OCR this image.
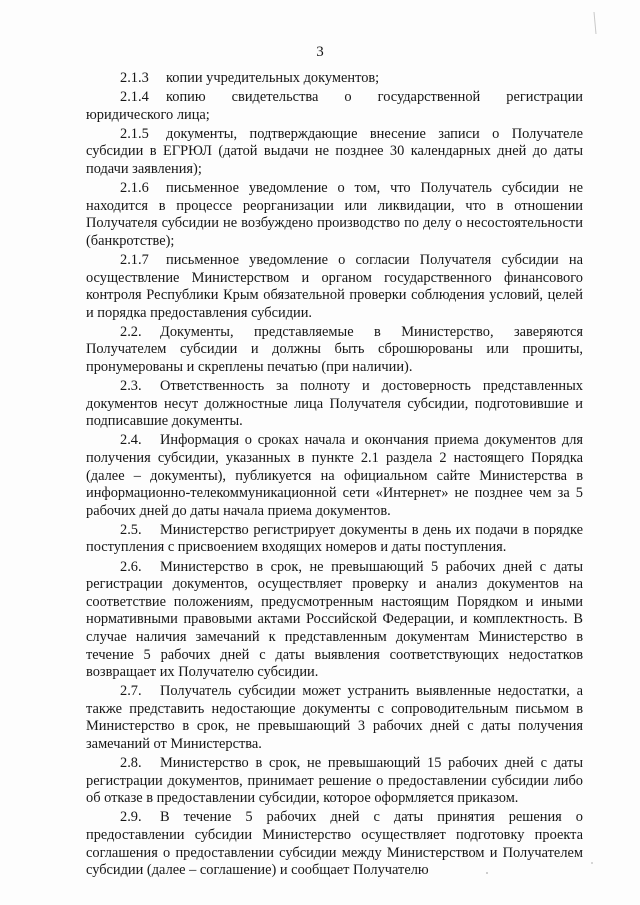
3

2.1.3 копии учредительных документов;

2.1.4 копию свидетельства о государственной регистрации юридического лица;

2.1.5 документы, подтверждающие внесение записи о Получателе субсидии в ЕГРЮЛ (датой выдачи не позднее 30 календарных дней до даты подачи заявления);

2.1.6 письменное уведомление о том, что Получатель субсидии не находится в процессе реорганизации или ликвидации, что в отношении Получателя субсидии не возбуждено производство по делу о несостоятельности (банкротстве);

2.1.7 письменное уведомление о согласии Получателя субсидии на осуществление Министерством и органом государственного финансового контроля Республики Крым обязательной проверки соблюдения условий, целей и порядка предоставления субсидии.

2.2. Документы, представляемые в Министерство, заверяются Получателем субсидии и должны быть сброшюрованы или прошиты, пронумерованы и скреплены печатью (при наличии).

2.3. Ответственность за полноту и достоверность представленных документов несут должностные лица Получателя субсидии, подготовившие и подписавшие документы.

2.4. Информация о сроках начала и окончания приема документов для получения субсидии, указанных в пункте 2.1 раздела 2 настоящего Порядка (далее – документы), публикуется на официальном сайте Министерства в информационно-телекоммуникационной сети «Интернет» не позднее чем за 5 рабочих дней до даты начала приема документов.

2.5. Министерство регистрирует документы в день их подачи в порядке поступления с присвоением входящих номеров и даты поступления.

2.6. Министерство в срок, не превышающий 5 рабочих дней с даты регистрации документов, осуществляет проверку и анализ документов на соответствие положениям, предусмотренным настоящим Порядком и иными нормативными правовыми актами Российской Федерации, и комплектность. В случае наличия замечаний к представленным документам Министерство в течение 5 рабочих дней с даты выявления соответствующих недостатков возвращает их Получателю субсидии.

2.7. Получатель субсидии может устранить выявленные недостатки, а также представить недостающие документы с сопроводительным письмом в Министерство в срок, не превышающий 3 рабочих дней с даты получения замечаний от Министерства.

2.8. Министерство в срок, не превышающий 15 рабочих дней с даты регистрации документов, принимает решение о предоставлении субсидии либо об отказе в предоставлении субсидии, которое оформляется приказом.

2.9. В течение 5 рабочих дней с даты принятия решения о предоставлении субсидии Министерство осуществляет подготовку проекта соглашения о предоставлении субсидии между Министерством и Получателем субсидии (далее – соглашение) и сообщает Получателю
